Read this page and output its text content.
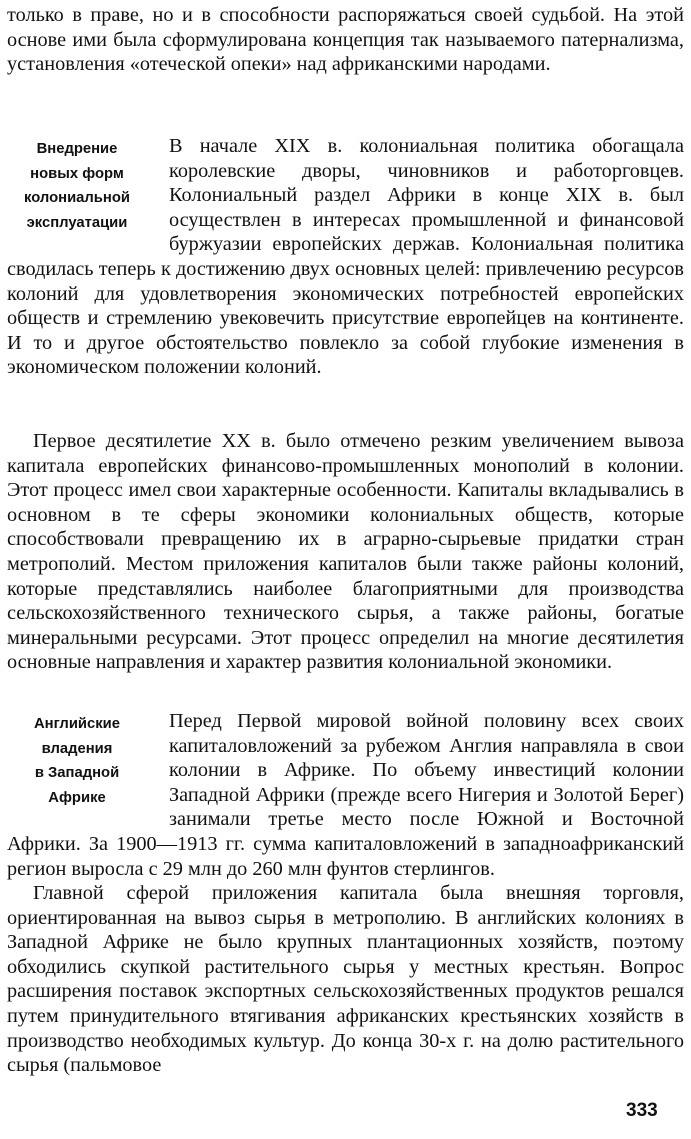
только в праве, но и в способности распоряжаться своей судьбой. На этой основе ими была сформулирована концепция так называемого патернализма, установления «отеческой опеки» над африканскими народами.

Внедрение
новых форм
колониальной
эксплуатации
В начале XIX в. колониальная политика обогащала королевские дворы, чиновников и работорговцев. Колониальный раздел Африки в конце XIX в. был осуществлен в интересах промышленной и финансовой буржуазии европейских держав. Колониальная политика сводилась теперь к достижению двух основных целей: привлечению ресурсов колоний для удовлетворения экономических потребностей европейских обществ и стремлению увековечить присутствие европейцев на континенте. И то и другое обстоятельство повлекло за собой глубокие изменения в экономическом положении колоний.

Первое десятилетие XX в. было отмечено резким увеличением вывоза капитала европейских финансово-промышленных монополий в колонии. Этот процесс имел свои характерные особенности. Капиталы вкладывались в основном в те сферы экономики колониальных обществ, которые способствовали превращению их в аграрно-сырьевые придатки стран метрополий. Местом приложения капиталов были также районы колоний, которые представлялись наиболее благоприятными для производства сельскохозяйственного технического сырья, а также районы, богатые минеральными ресурсами. Этот процесс определил на многие десятилетия основные направления и характер развития колониальной экономики.

Английские
владения
в Западной
Африке
Перед Первой мировой войной половину всех своих капиталовложений за рубежом Англия направляла в свои колонии в Африке. По объему инвестиций колонии Западной Африки (прежде всего Нигерия и Золотой Берег) занимали третье место после Южной и Восточной Африки. За 1900—1913 гг. сумма капиталовложений в западноафриканский регион выросла с 29 млн до 260 млн фунтов стерлингов.

Главной сферой приложения капитала была внешняя торговля, ориентированная на вывоз сырья в метрополию. В английских колониях в Западной Африке не было крупных плантационных хозяйств, поэтому обходились скупкой растительного сырья у местных крестьян. Вопрос расширения поставок экспортных сельскохозяйственных продуктов решался путем принудительного втягивания африканских крестьянских хозяйств в производство необходимых культур. До конца 30-х г. на долю растительного сырья (пальмовое

333
